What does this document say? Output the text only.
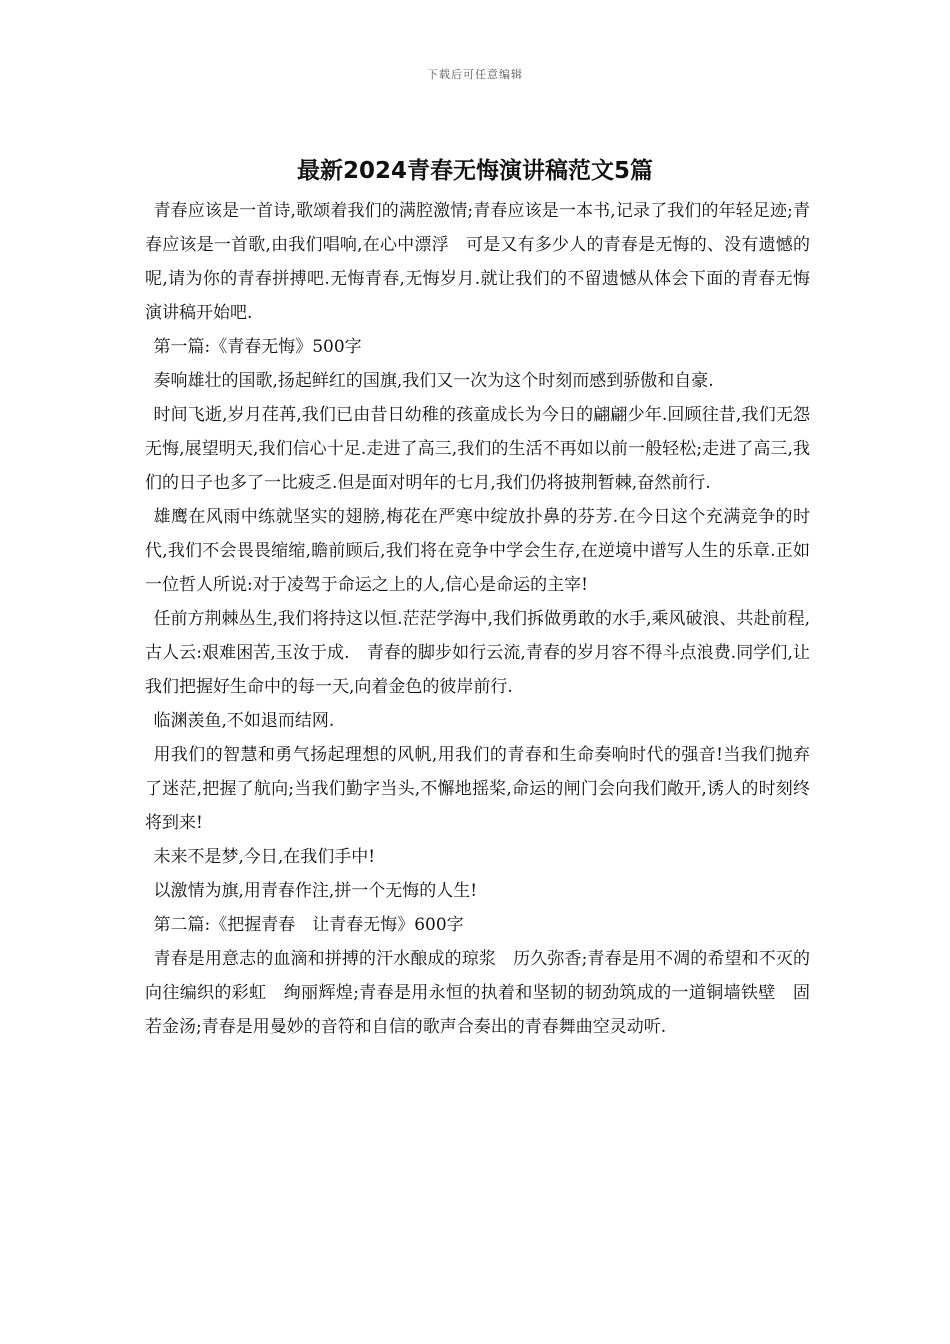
下载后可任意编辑
最新2024青春无悔演讲稿范文5篇

青春应该是一首诗,歌颂着我们的满腔激情;青春应该是一本书,记录了我们的年轻足迹;青春应该是一首歌,由我们唱响,在心中漂浮　可是又有多少人的青春是无悔的、没有遗憾的呢,请为你的青春拼搏吧.无悔青春,无悔岁月.就让我们的不留遗憾从体会下面的青春无悔演讲稿开始吧.

第一篇:《青春无悔》500字

奏响雄壮的国歌,扬起鲜红的国旗,我们又一次为这个时刻而感到骄傲和自豪.

时间飞逝,岁月荏苒,我们已由昔日幼稚的孩童成长为今日的翩翩少年.回顾往昔,我们无怨无悔,展望明天,我们信心十足.走进了高三,我们的生活不再如以前一般轻松;走进了高三,我们的日子也多了一比疲乏.但是面对明年的七月,我们仍将披荆暂棘,奋然前行.

雄鹰在风雨中练就坚实的翅膀,梅花在严寒中绽放扑鼻的芬芳.在今日这个充满竞争的时代,我们不会畏畏缩缩,瞻前顾后,我们将在竞争中学会生存,在逆境中谱写人生的乐章.正如一位哲人所说:对于凌驾于命运之上的人,信心是命运的主宰!

任前方荆棘丛生,我们将持这以恒.茫茫学海中,我们拆做勇敢的水手,乘风破浪、共赴前程,古人云:艰难困苦,玉汝于成.　青春的脚步如行云流,青春的岁月容不得斗点浪费.同学们,让我们把握好生命中的每一天,向着金色的彼岸前行.

临渊羡鱼,不如退而结网.

用我们的智慧和勇气扬起理想的风帆,用我们的青春和生命奏响时代的强音!当我们抛弃了迷茫,把握了航向;当我们勤字当头,不懈地摇桨,命运的闸门会向我们敞开,诱人的时刻终将到来!

未来不是梦,今日,在我们手中!

以激情为旗,用青春作注,拼一个无悔的人生!

第二篇:《把握青春　让青春无悔》600字

青春是用意志的血滴和拼搏的汗水酿成的琼浆　历久弥香;青春是用不凋的希望和不灭的向往编织的彩虹　绚丽辉煌;青春是用永恒的执着和坚韧的韧劲筑成的一道铜墙铁壁　固若金汤;青春是用曼妙的音符和自信的歌声合奏出的青春舞曲空灵动听.
